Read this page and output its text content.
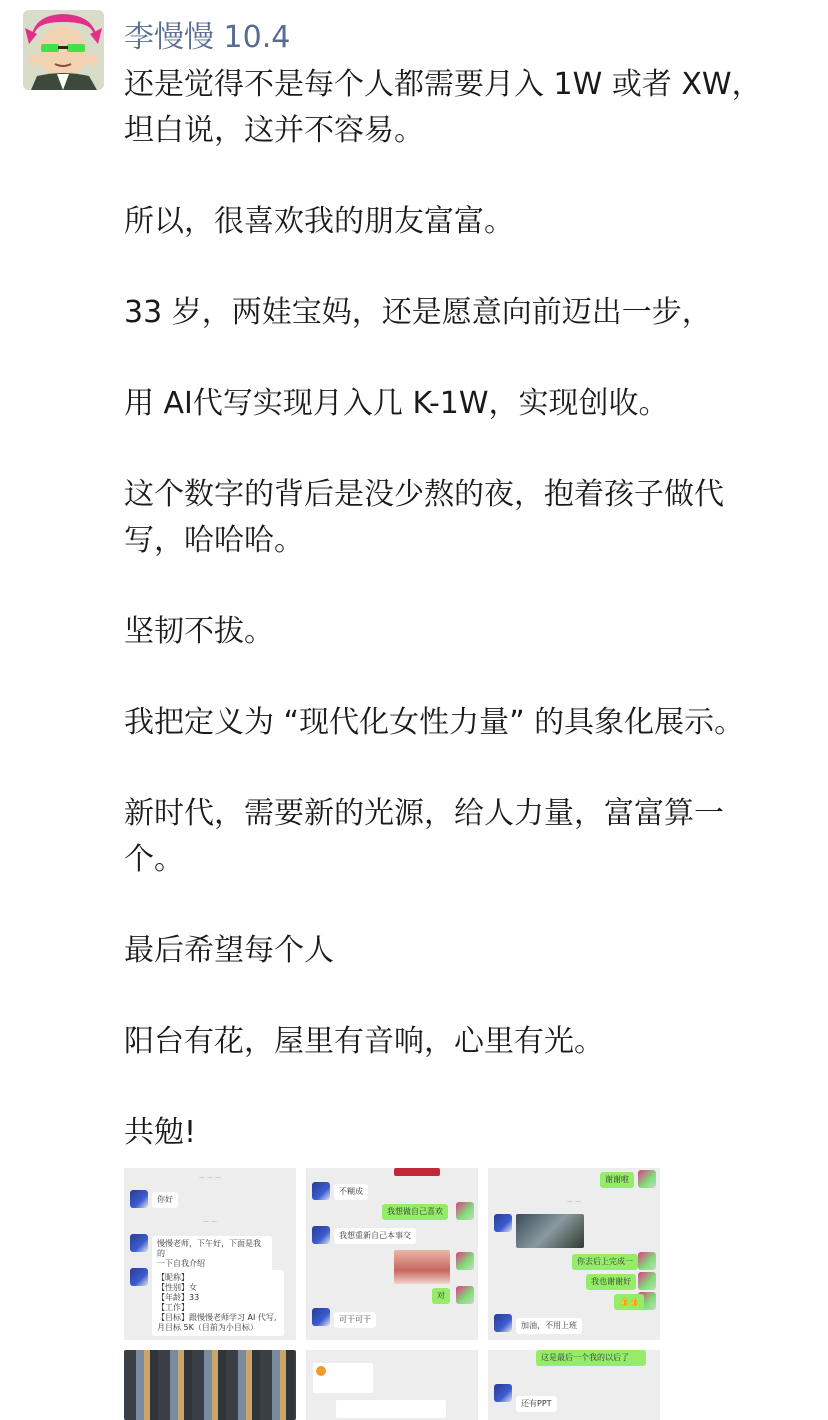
李慢慢 10.4

还是觉得不是每个人都需要月入 1W 或者 XW，
坦白说，这并不容易。

所以，很喜欢我的朋友富富。

33 岁，两娃宝妈，还是愿意向前迈出一步，

用 AI代写实现月入几 K-1W，实现创收。

这个数字的背后是没少熬的夜，抱着孩子做代
写，哈哈哈。

坚韧不拔。

我把定义为 “现代化女性力量” 的具象化展示。

新时代，需要新的光源，给人力量，富富算一
个。

最后希望每个人

阳台有花，屋里有音响，心里有光。

共勉!

— — —
你好
— —
慢慢老师，下午好，下面是我的
一下自我介绍
【昵称】
【性别】女
【年龄】33
【工作】
【目标】跟慢慢老师学习 AI 代写,
月目标 5K（目前为小目标）
不糊成
我想做自己喜欢
我想重新自己本事交
对
可干可干
谢谢啦
— —
你去后上完成一
我也谢谢好
👍👍
加油，不用上班
这是最后一个我的以后了
还有PPT
